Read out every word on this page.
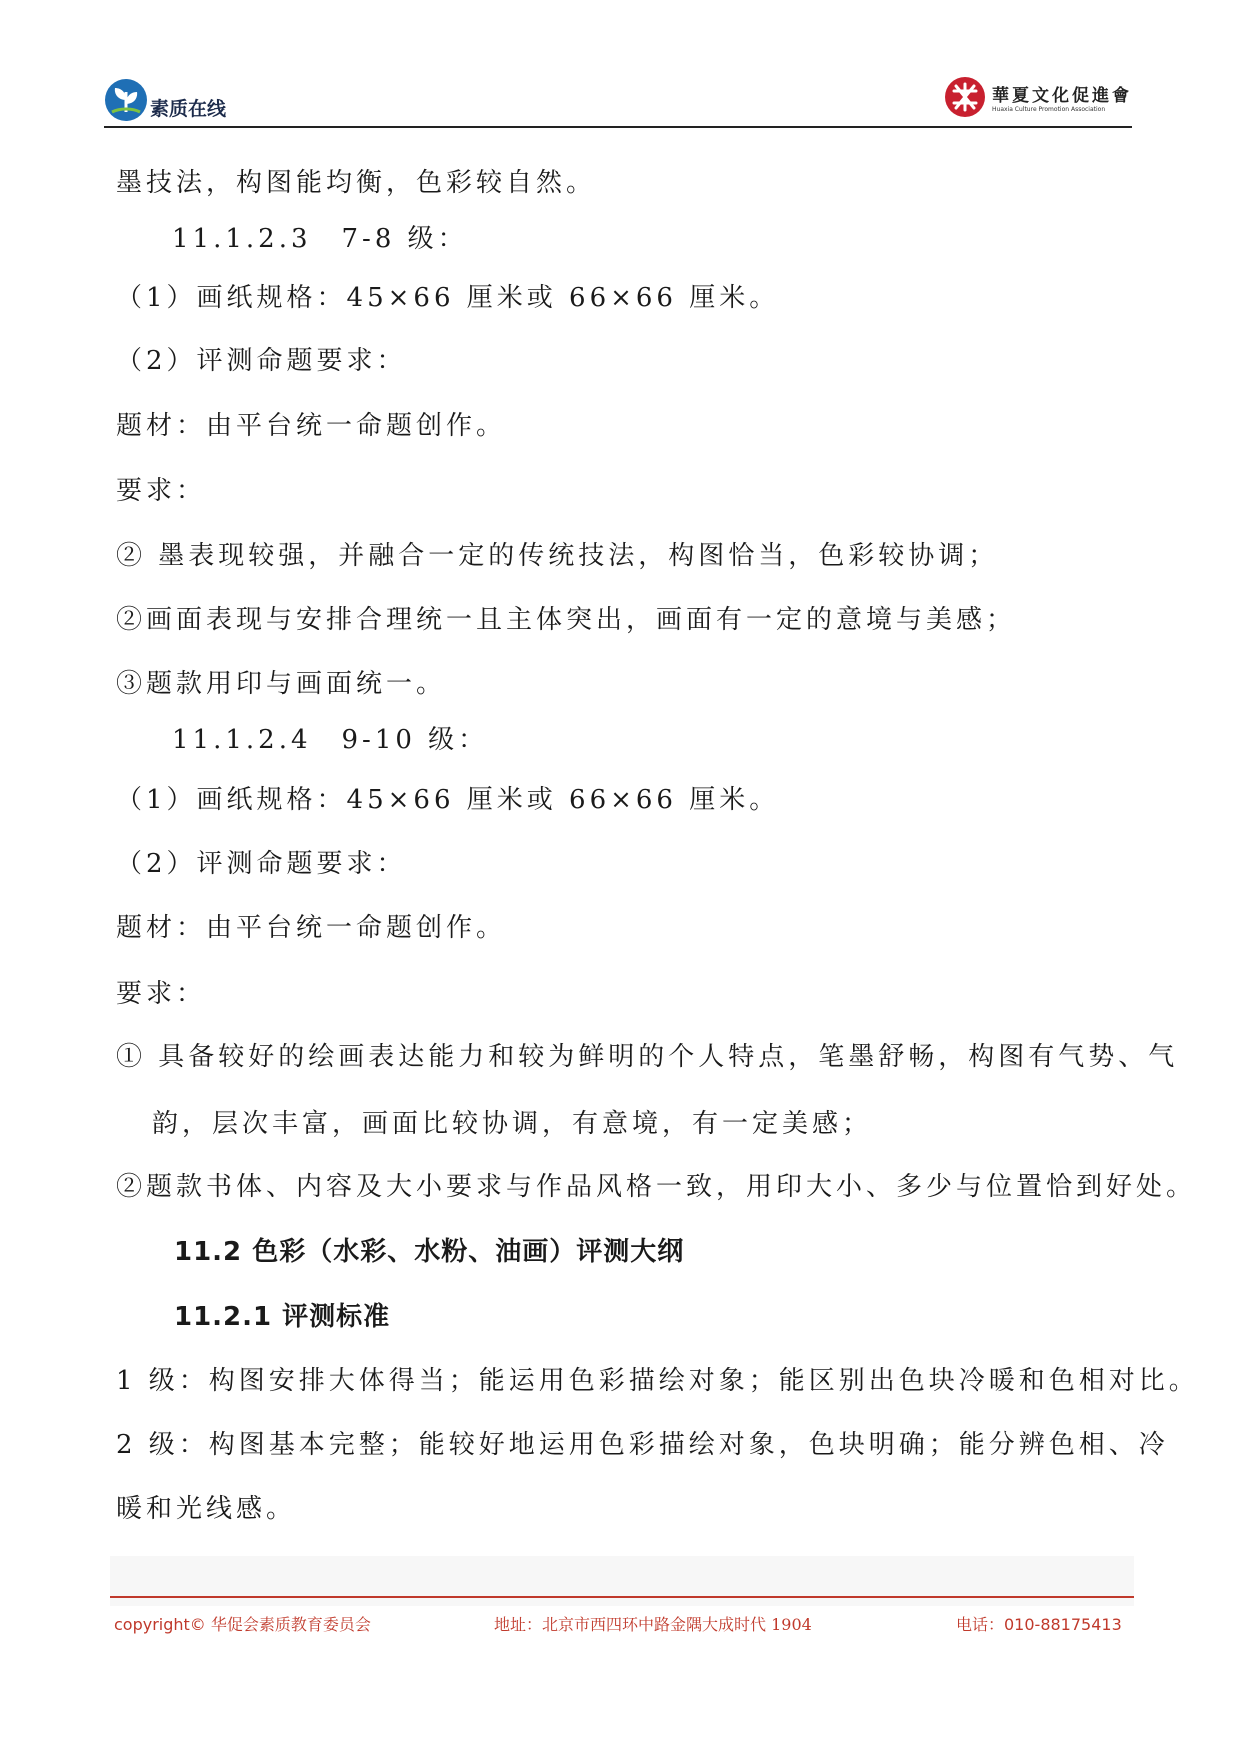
素质在线
華夏文化促進會
Huaxia Culture Promotion Association
墨技法，构图能均衡，色彩较自然。
11.1.2.3　7-8 级：
（1）画纸规格：45×66 厘米或 66×66 厘米。
（2）评测命题要求：
题材：由平台统一命题创作。
要求：
② 墨表现较强，并融合一定的传统技法，构图恰当，色彩较协调；
②画面表现与安排合理统一且主体突出，画面有一定的意境与美感；
③题款用印与画面统一。
11.1.2.4　9-10 级：
（1）画纸规格：45×66 厘米或 66×66 厘米。
（2）评测命题要求：
题材：由平台统一命题创作。
要求：
① 具备较好的绘画表达能力和较为鲜明的个人特点，笔墨舒畅，构图有气势、气
韵，层次丰富，画面比较协调，有意境，有一定美感；
②题款书体、内容及大小要求与作品风格一致，用印大小、多少与位置恰到好处。
11.2 色彩（水彩、水粉、油画）评测大纲
11.2.1 评测标准
1 级：构图安排大体得当；能运用色彩描绘对象；能区别出色块冷暖和色相对比。
2 级：构图基本完整；能较好地运用色彩描绘对象，色块明确；能分辨色相、冷
暖和光线感。
copyright© 华促会素质教育委员会	地址：北京市西四环中路金隅大成时代 1904	电话：010-88175413
